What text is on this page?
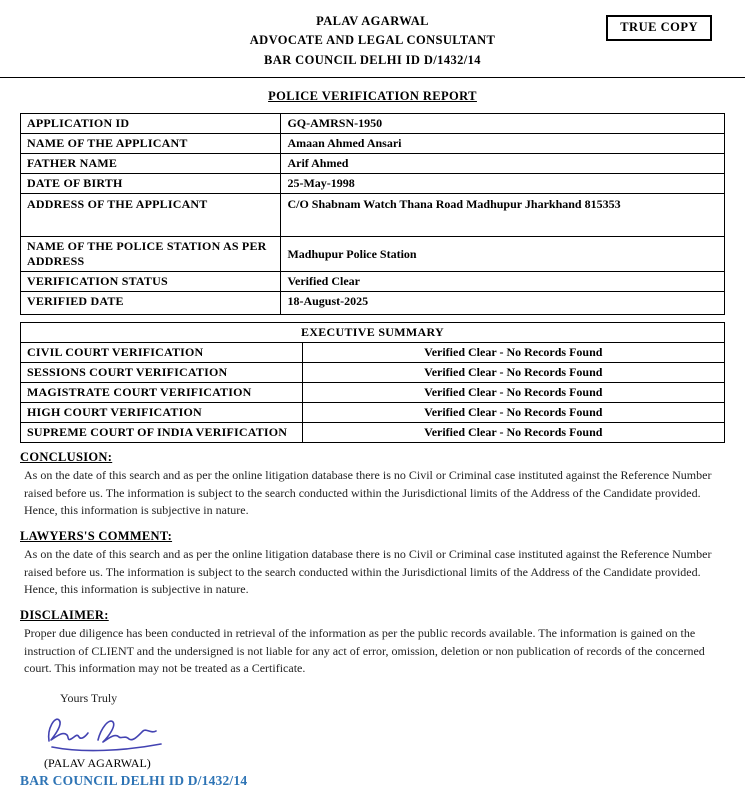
TRUE COPY
PALAV AGARWAL
ADVOCATE AND LEGAL CONSULTANT
BAR COUNCIL DELHI ID D/1432/14
POLICE VERIFICATION REPORT
APPLICATION ID	GQ-AMRSN-1950
NAME OF THE APPLICANT	Amaan Ahmed Ansari
FATHER NAME	Arif Ahmed
DATE OF BIRTH	25-May-1998
ADDRESS OF THE APPLICANT	C/O Shabnam Watch Thana Road Madhupur Jharkhand 815353
NAME OF THE POLICE STATION AS PER ADDRESS	Madhupur Police Station
VERIFICATION STATUS	Verified Clear
VERIFIED DATE	18-August-2025
EXECUTIVE SUMMARY	
CIVIL COURT VERIFICATION	Verified Clear - No Records Found
SESSIONS COURT VERIFICATION	Verified Clear - No Records Found
MAGISTRATE COURT VERIFICATION	Verified Clear - No Records Found
HIGH COURT VERIFICATION	Verified Clear - No Records Found
SUPREME COURT OF INDIA VERIFICATION	Verified Clear - No Records Found
CONCLUSION:
As on the date of this search and as per the online litigation database there is no Civil or Criminal case instituted against the Reference Number raised before us. The information is subject to the search conducted within the Jurisdictional limits of the Address of the Candidate provided. Hence, this information is subjective in nature.
LAWYERS'S COMMENT:
As on the date of this search and as per the online litigation database there is no Civil or Criminal case instituted against the Reference Number raised before us. The information is subject to the search conducted within the Jurisdictional limits of the Address of the Candidate provided. Hence, this information is subjective in nature.
DISCLAIMER:
Proper due diligence has been conducted in retrieval of the information as per the public records available. The information is gained on the instruction of CLIENT and the undersigned is not liable for any act of error, omission, deletion or non publication of records of the concerned court. This information may not be treated as a Certificate.
Yours Truly
(PALAV AGARWAL)
BAR COUNCIL DELHI ID D/1432/14
